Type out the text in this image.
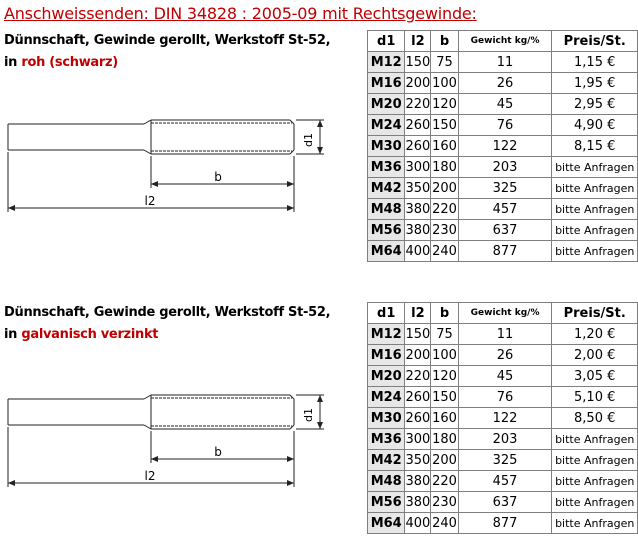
Anschweissenden: DIN 34828 : 2005-09 mit Rechtsgewinde:
Dünnschaft, Gewinde gerollt, Werkstoff St-52,
in roh (schwarz)
d1
b
l2
d1	l2	b	Gewicht kg/%	Preis/St.
M12	150	75	11	1,15 €
M16	200	100	26	1,95 €
M20	220	120	45	2,95 €
M24	260	150	76	4,90 €
M30	260	160	122	8,15 €
M36	300	180	203	bitte Anfragen
M42	350	200	325	bitte Anfragen
M48	380	220	457	bitte Anfragen
M56	380	230	637	bitte Anfragen
M64	400	240	877	bitte Anfragen
Dünnschaft, Gewinde gerollt, Werkstoff St-52,
in galvanisch verzinkt
d1
b
l2
d1	l2	b	Gewicht kg/%	Preis/St.
M12	150	75	11	1,20 €
M16	200	100	26	2,00 €
M20	220	120	45	3,05 €
M24	260	150	76	5,10 €
M30	260	160	122	8,50 €
M36	300	180	203	bitte Anfragen
M42	350	200	325	bitte Anfragen
M48	380	220	457	bitte Anfragen
M56	380	230	637	bitte Anfragen
M64	400	240	877	bitte Anfragen
